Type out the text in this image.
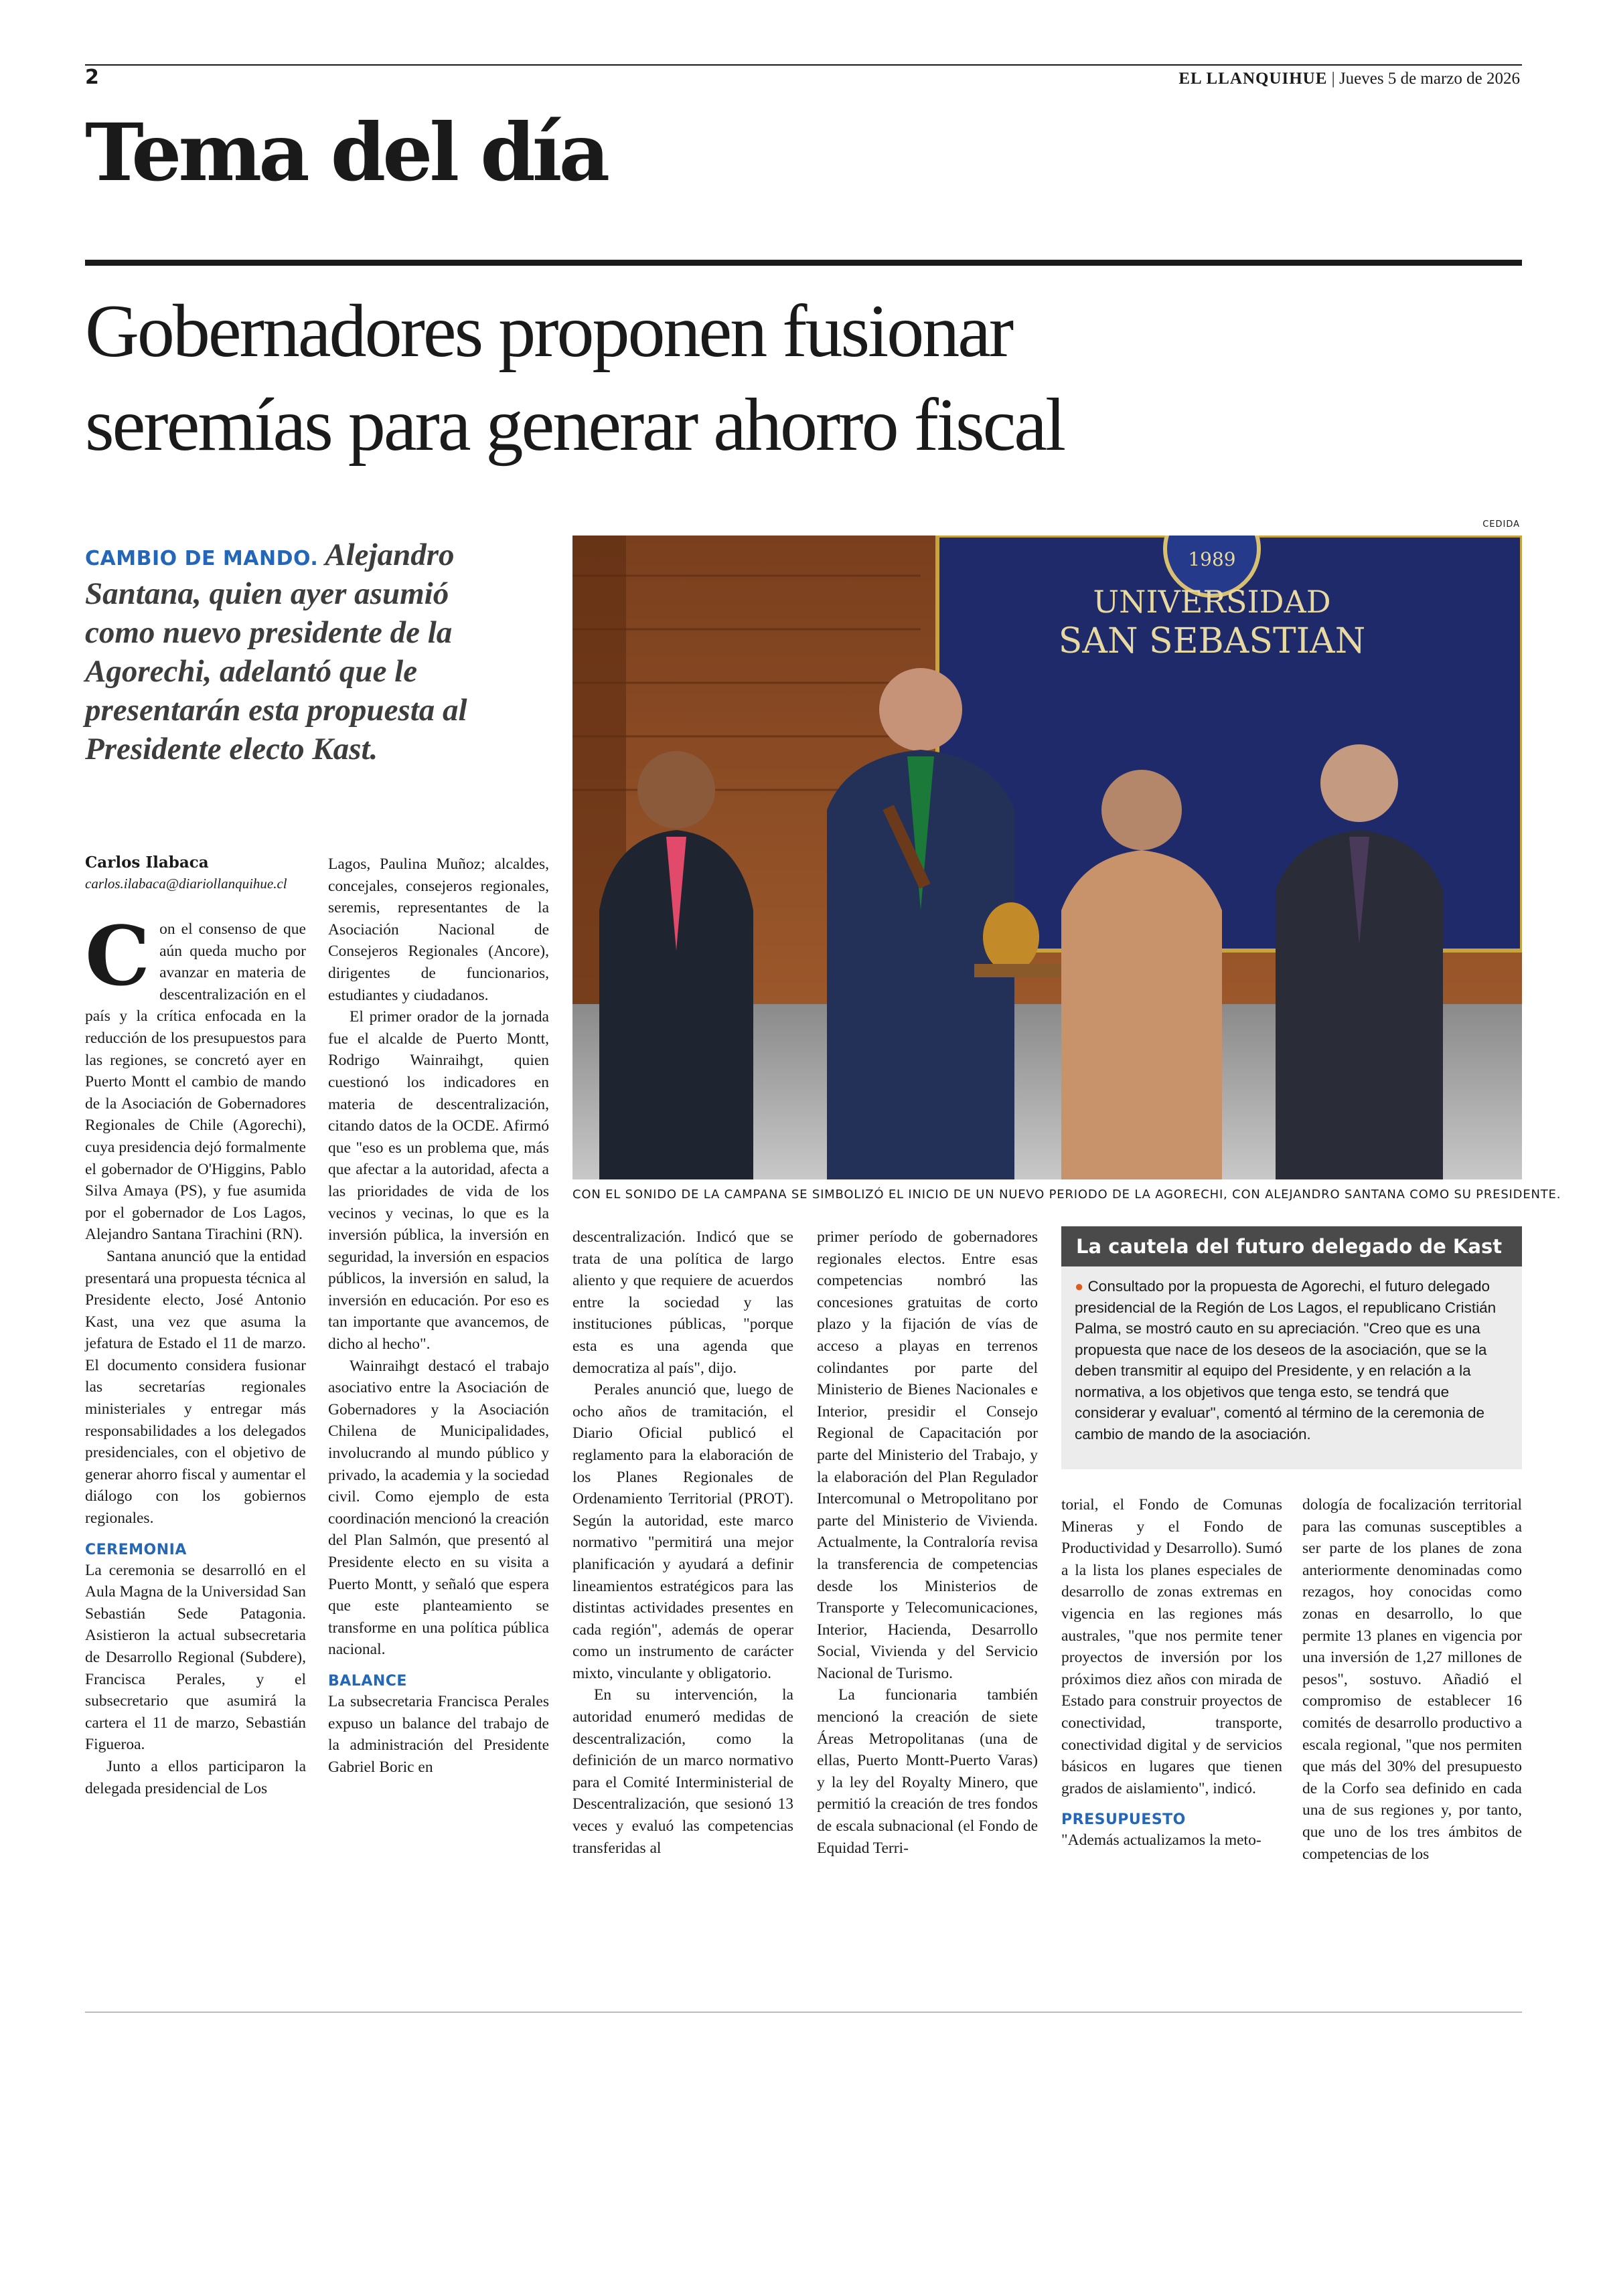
2	EL LLANQUIHUE | Jueves 5 de marzo de 2026
Tema del día
Gobernadores proponen fusionar
seremías para generar ahorro fiscal
CEDIDA
CAMBIO DE MANDO. Alejandro Santana, quien ayer asumió como nuevo presidente de la Agorechi, adelantó que le presentarán esta propuesta al Presidente electo Kast.
Carlos Ilabaca
carlos.ilabaca@diariollanquihue.cl
1989
UNIVERSIDAD
SAN SEBASTIAN
CON EL SONIDO DE LA CAMPANA SE SIMBOLIZÓ EL INICIO DE UN NUEVO PERIODO DE LA AGORECHI, CON ALEJANDRO SANTANA COMO SU PRESIDENTE.
C on el consenso de que aún queda mucho por avanzar en materia de descentralización en el país y la crítica enfocada en la reducción de los presupuestos para las regiones, se concretó ayer en Puerto Montt el cambio de mando de la Asociación de Gobernadores Regionales de Chile (Agorechi), cuya presidencia dejó formalmente el gobernador de O'Higgins, Pablo Silva Amaya (PS), y fue asumida por el gobernador de Los Lagos, Alejandro Santana Tirachini (RN).

Santana anunció que la entidad presentará una propuesta técnica al Presidente electo, José Antonio Kast, una vez que asuma la jefatura de Estado el 11 de marzo. El documento considera fusionar las secretarías regionales ministeriales y entregar más responsabilidades a los delegados presidenciales, con el objetivo de generar ahorro fiscal y aumentar el diálogo con los gobiernos regionales.

CEREMONIA

La ceremonia se desarrolló en el Aula Magna de la Universidad San Sebastián Sede Patagonia. Asistieron la actual subsecretaria de Desarrollo Regional (Subdere), Francisca Perales, y el subsecretario que asumirá la cartera el 11 de marzo, Sebastián Figueroa.

Junto a ellos participaron la delegada presidencial de Los

Lagos, Paulina Muñoz; alcaldes, concejales, consejeros regionales, seremis, representantes de la Asociación Nacional de Consejeros Regionales (Ancore), dirigentes de funcionarios, estudiantes y ciudadanos.

El primer orador de la jornada fue el alcalde de Puerto Montt, Rodrigo Wainraihgt, quien cuestionó los indicadores en materia de descentralización, citando datos de la OCDE. Afirmó que "eso es un problema que, más que afectar a la autoridad, afecta a las prioridades de vida de los vecinos y vecinas, lo que es la inversión pública, la inversión en seguridad, la inversión en espacios públicos, la inversión en salud, la inversión en educación. Por eso es tan importante que avancemos, de dicho al hecho".

Wainraihgt destacó el trabajo asociativo entre la Asociación de Gobernadores y la Asociación Chilena de Municipalidades, involucrando al mundo público y privado, la academia y la sociedad civil. Como ejemplo de esta coordinación mencionó la creación del Plan Salmón, que presentó al Presidente electo en su visita a Puerto Montt, y señaló que espera que este planteamiento se transforme en una política pública nacional.

BALANCE

La subsecretaria Francisca Perales expuso un balance del trabajo de la administración del Presidente Gabriel Boric en

descentralización. Indicó que se trata de una política de largo aliento y que requiere de acuerdos entre la sociedad y las instituciones públicas, "porque esta es una agenda que democratiza al país", dijo.

Perales anunció que, luego de ocho años de tramitación, el Diario Oficial publicó el reglamento para la elaboración de los Planes Regionales de Ordenamiento Territorial (PROT). Según la autoridad, este marco normativo "permitirá una mejor planificación y ayudará a definir lineamientos estratégicos para las distintas actividades presentes en cada región", además de operar como un instrumento de carácter mixto, vinculante y obligatorio.

En su intervención, la autoridad enumeró medidas de descentralización, como la definición de un marco normativo para el Comité Interministerial de Descentralización, que sesionó 13 veces y evaluó las competencias transferidas al

primer período de gobernadores regionales electos. Entre esas competencias nombró las concesiones gratuitas de corto plazo y la fijación de vías de acceso a playas en terrenos colindantes por parte del Ministerio de Bienes Nacionales e Interior, presidir el Consejo Regional de Capacitación por parte del Ministerio del Trabajo, y la elaboración del Plan Regulador Intercomunal o Metropolitano por parte del Ministerio de Vivienda. Actualmente, la Contraloría revisa la transferencia de competencias desde los Ministerios de Transporte y Telecomunicaciones, Interior, Hacienda, Desarrollo Social, Vivienda y del Servicio Nacional de Turismo.

La funcionaria también mencionó la creación de siete Áreas Metropolitanas (una de ellas, Puerto Montt-Puerto Varas) y la ley del Royalty Minero, que permitió la creación de tres fondos de escala subnacional (el Fondo de Equidad Terri-

La cautela del futuro delegado de Kast
● Consultado por la propuesta de Agorechi, el futuro delegado presidencial de la Región de Los Lagos, el republicano Cristián Palma, se mostró cauto en su apreciación. "Creo que es una propuesta que nace de los deseos de la asociación, que se la deben transmitir al equipo del Presidente, y en relación a la normativa, a los objetivos que tenga esto, se tendrá que considerar y evaluar", comentó al término de la ceremonia de cambio de mando de la asociación.

torial, el Fondo de Comunas Mineras y el Fondo de Productividad y Desarrollo). Sumó a la lista los planes especiales de desarrollo de zonas extremas en vigencia en las regiones más australes, "que nos permite tener proyectos de inversión por los próximos diez años con mirada de Estado para construir proyectos de conectividad, transporte, conectividad digital y de servicios básicos en lugares que tienen grados de aislamiento", indicó.

PRESUPUESTO

"Además actualizamos la meto-

dología de focalización territorial para las comunas susceptibles a ser parte de los planes de zona anteriormente denominadas como rezagos, hoy conocidas como zonas en desarrollo, lo que permite 13 planes en vigencia por una inversión de 1,27 millones de pesos", sostuvo. Añadió el compromiso de establecer 16 comités de desarrollo productivo a escala regional, "que nos permiten que más del 30% del presupuesto de la Corfo sea definido en cada una de sus regiones y, por tanto, que uno de los tres ámbitos de competencias de los
